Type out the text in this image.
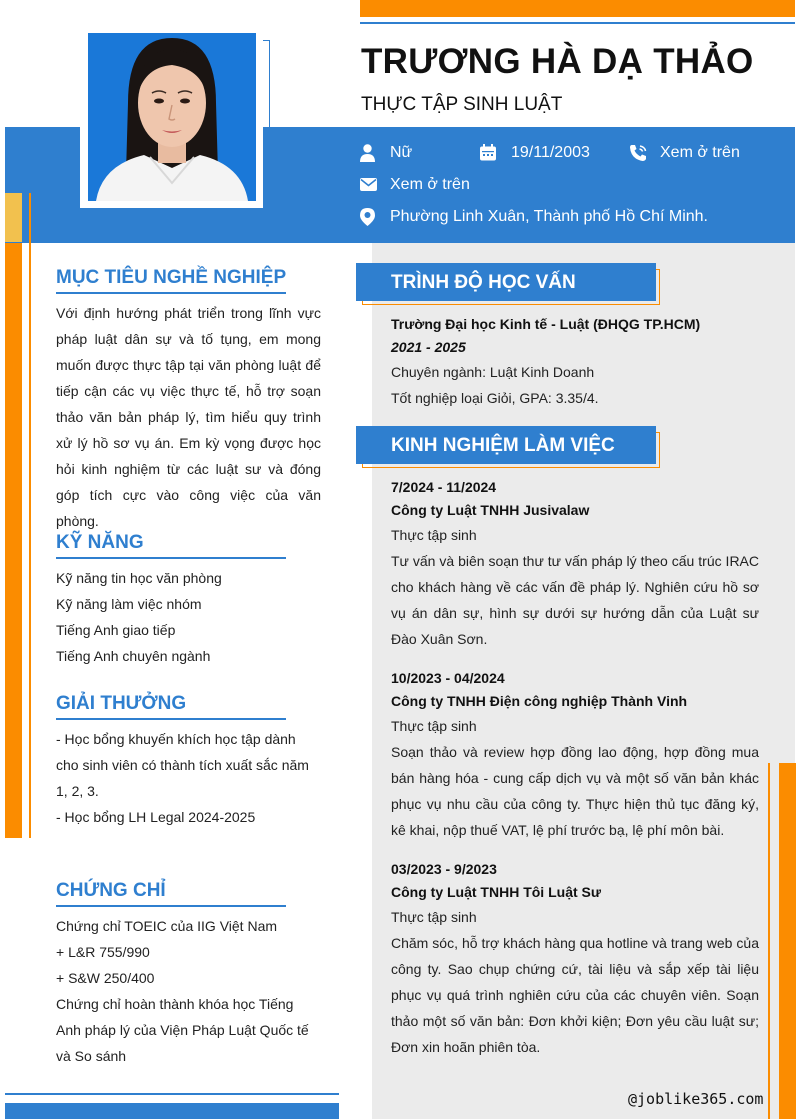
TRƯƠNG HÀ DẠ THẢO
THỰC TẬP SINH LUẬT
Nữ	19/11/2003	Xem ở trên
Xem ở trên
Phường Linh Xuân, Thành phố Hồ Chí Minh.
MỤC TIÊU NGHỀ NGHIỆP
Với định hướng phát triển trong lĩnh vực pháp luật dân sự và tố tụng, em mong muốn được thực tập tại văn phòng luật để tiếp cận các vụ việc thực tế, hỗ trợ soạn thảo văn bản pháp lý, tìm hiểu quy trình xử lý hồ sơ vụ án. Em kỳ vọng được học hỏi kinh nghiệm từ các luật sư và đóng góp tích cực vào công việc của văn phòng.
KỸ NĂNG
Kỹ năng tin học văn phòng
Kỹ năng làm việc nhóm
Tiếng Anh giao tiếp
Tiếng Anh chuyên ngành
GIẢI THƯỞNG
- Học bổng khuyến khích học tập dành cho sinh viên có thành tích xuất sắc năm 1, 2, 3.
- Học bổng LH Legal 2024-2025
CHỨNG CHỈ
Chứng chỉ TOEIC của IIG Việt Nam
+ L&R 755/990
+ S&W 250/400
Chứng chỉ hoàn thành khóa học Tiếng Anh pháp lý của Viện Pháp Luật Quốc tế và So sánh
TRÌNH ĐỘ HỌC VẤN
Trường Đại học Kinh tế - Luật (ĐHQG TP.HCM)
2021 - 2025
Chuyên ngành: Luật Kinh Doanh
Tốt nghiệp loại Giỏi, GPA: 3.35/4.
KINH NGHIỆM LÀM VIỆC
7/2024 - 11/2024
Công ty Luật TNHH Jusivalaw
Thực tập sinh
Tư vấn và biên soạn thư tư vấn pháp lý theo cấu trúc IRAC cho khách hàng về các vấn đề pháp lý. Nghiên cứu hồ sơ vụ án dân sự, hình sự dưới sự hướng dẫn của Luật sư Đào Xuân Sơn.
10/2023 - 04/2024
Công ty TNHH Điện công nghiệp Thành Vinh
Thực tập sinh
Soạn thảo và review hợp đồng lao động, hợp đồng mua bán hàng hóa - cung cấp dịch vụ và một số văn bản khác phục vụ nhu cầu của công ty. Thực hiện thủ tục đăng ký, kê khai, nộp thuế VAT, lệ phí trước bạ, lệ phí môn bài.
03/2023 - 9/2023
Công ty Luật TNHH Tôi Luật Sư
Thực tập sinh
Chăm sóc, hỗ trợ khách hàng qua hotline và trang web của công ty. Sao chụp chứng cứ, tài liệu và sắp xếp tài liệu phục vụ quá trình nghiên cứu của các chuyên viên. Soạn thảo một số văn bản: Đơn khởi kiện; Đơn yêu cầu luật sư; Đơn xin hoãn phiên tòa.
@joblike365.com
